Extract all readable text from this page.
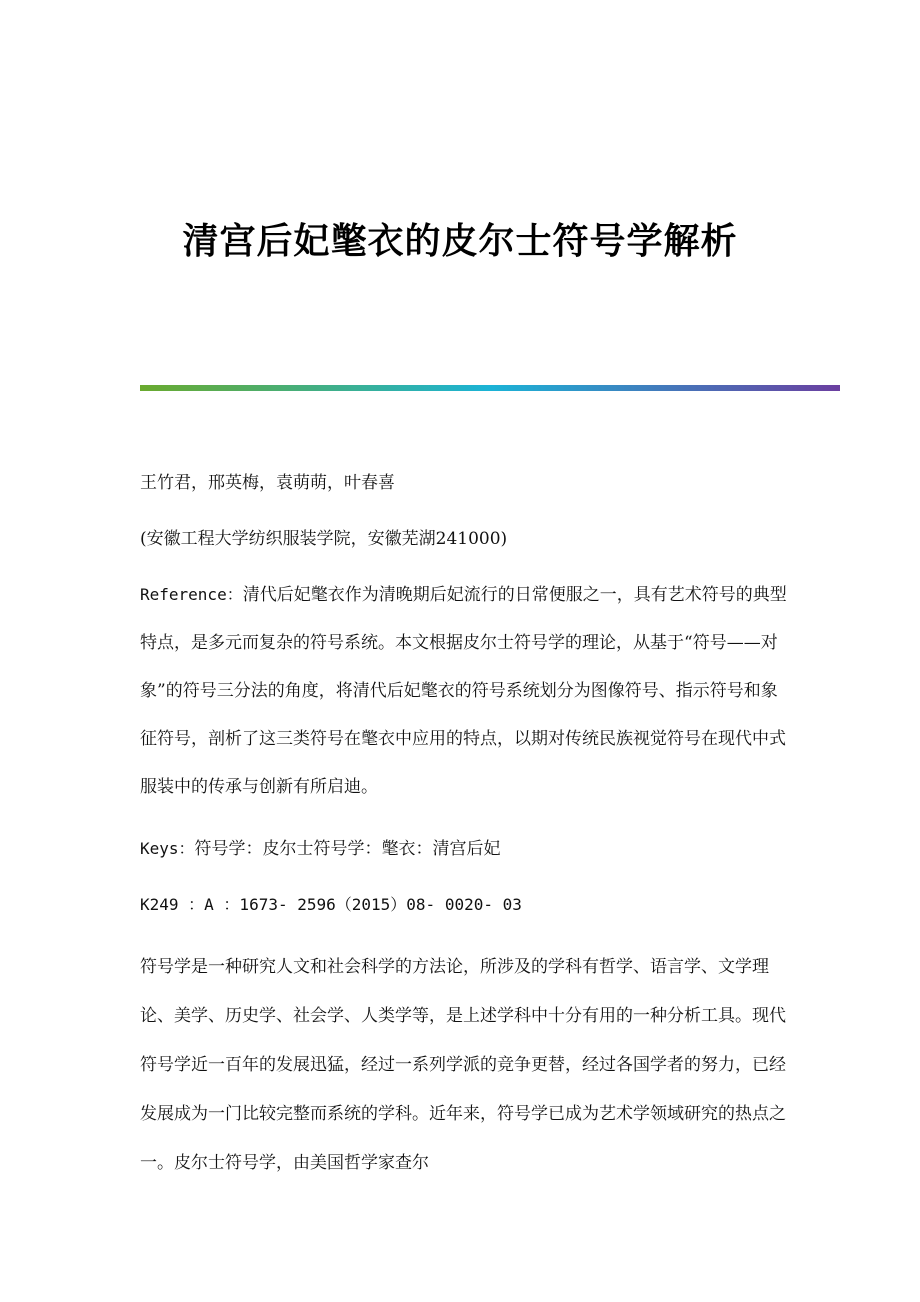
清宫后妃氅衣的皮尔士符号学解析

王竹君，邢英梅，袁萌萌，叶春喜

(安徽工程大学纺织服装学院，安徽芜湖241000)

Reference：清代后妃氅衣作为清晚期后妃流行的日常便服之一，具有艺术符号的典型特点，是多元而复杂的符号系统。本文根据皮尔士符号学的理论，从基于“符号——对象”的符号三分法的角度，将清代后妃氅衣的符号系统划分为图像符号、指示符号和象征符号，剖析了这三类符号在氅衣中应用的特点，以期对传统民族视觉符号在现代中式服装中的传承与创新有所启迪。

Keys：符号学：皮尔士符号学：氅衣：清宫后妃

K249 ：A ：1673- 2596（2015）08- 0020- 03

符号学是一种研究人文和社会科学的方法论，所涉及的学科有哲学、语言学、文学理论、美学、历史学、社会学、人类学等，是上述学科中十分有用的一种分析工具。现代符号学近一百年的发展迅猛，经过一系列学派的竞争更替，经过各国学者的努力，已经发展成为一门比较完整而系统的学科。近年来，符号学已成为艺术学领域研究的热点之一。皮尔士符号学，由美国哲学家查尔
